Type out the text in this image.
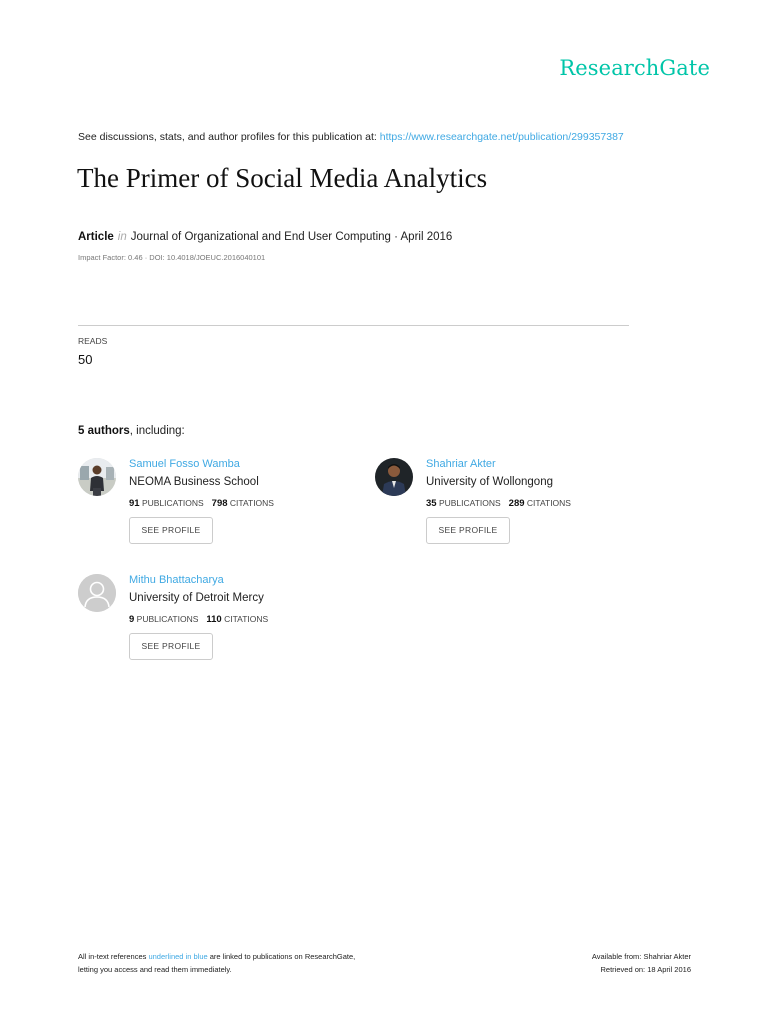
ResearchGate
See discussions, stats, and author profiles for this publication at: https://www.researchgate.net/publication/299357387
The Primer of Social Media Analytics
Article in Journal of Organizational and End User Computing · April 2016
Impact Factor: 0.46 · DOI: 10.4018/JOEUC.2016040101
READS
50
5 authors, including:
Samuel Fosso Wamba
NEOMA Business School
91 PUBLICATIONS 798 CITATIONS
SEE PROFILE
Shahriar Akter
University of Wollongong
35 PUBLICATIONS 289 CITATIONS
SEE PROFILE
Mithu Bhattacharya
University of Detroit Mercy
9 PUBLICATIONS 110 CITATIONS
SEE PROFILE
All in-text references underlined in blue are linked to publications on ResearchGate,
letting you access and read them immediately.
Available from: Shahriar Akter
Retrieved on: 18 April 2016
